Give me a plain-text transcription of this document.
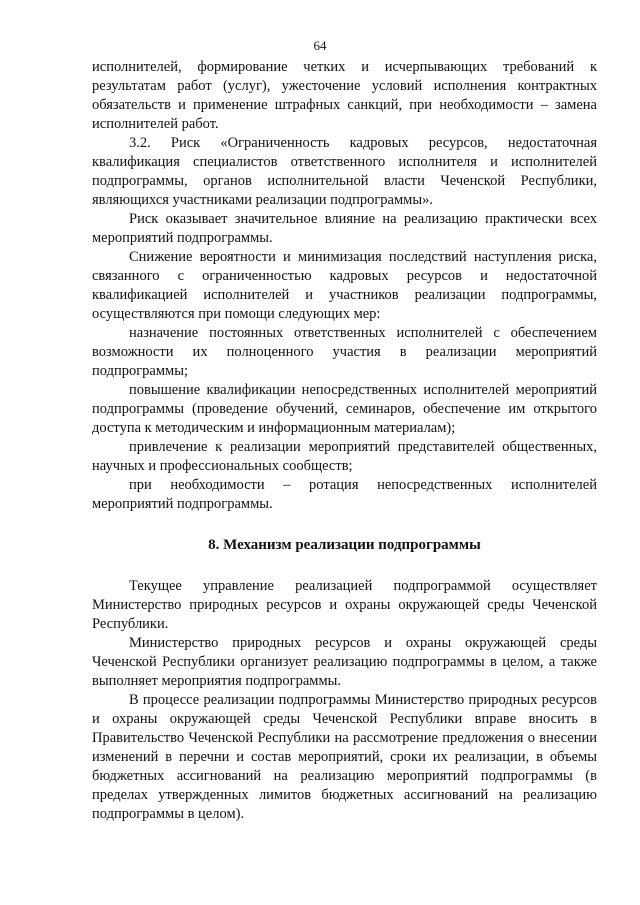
64

исполнителей, формирование четких и исчерпывающих требований к результатам работ (услуг), ужесточение условий исполнения контрактных обязательств и применение штрафных санкций, при необходимости – замена исполнителей работ.

3.2. Риск «Ограниченность кадровых ресурсов, недостаточная квалификация специалистов ответственного исполнителя и исполнителей подпрограммы, органов исполнительной власти Чеченской Республики, являющихся участниками реализации подпрограммы».

Риск оказывает значительное влияние на реализацию практически всех мероприятий подпрограммы.

Снижение вероятности и минимизация последствий наступления риска, связанного с ограниченностью кадровых ресурсов и недостаточной квалификацией исполнителей и участников реализации подпрограммы, осуществляются при помощи следующих мер:

назначение постоянных ответственных исполнителей с обеспечением возможности их полноценного участия в реализации мероприятий подпрограммы;

повышение квалификации непосредственных исполнителей мероприятий подпрограммы (проведение обучений, семинаров, обеспечение им открытого доступа к методическим и информационным материалам);

привлечение к реализации мероприятий представителей общественных, научных и профессиональных сообществ;

при необходимости – ротация непосредственных исполнителей мероприятий подпрограммы.

8. Механизм реализации подпрограммы

Текущее управление реализацией подпрограммой осуществляет Министерство природных ресурсов и охраны окружающей среды Чеченской Республики.

Министерство природных ресурсов и охраны окружающей среды Чеченской Республики организует реализацию подпрограммы в целом, а также выполняет мероприятия подпрограммы.

В процессе реализации подпрограммы Министерство природных ресурсов и охраны окружающей среды Чеченской Республики вправе вносить в Правительство Чеченской Республики на рассмотрение предложения о внесении изменений в перечни и состав мероприятий, сроки их реализации, в объемы бюджетных ассигнований на реализацию мероприятий подпрограммы (в пределах утвержденных лимитов бюджетных ассигнований на реализацию подпрограммы в целом).
